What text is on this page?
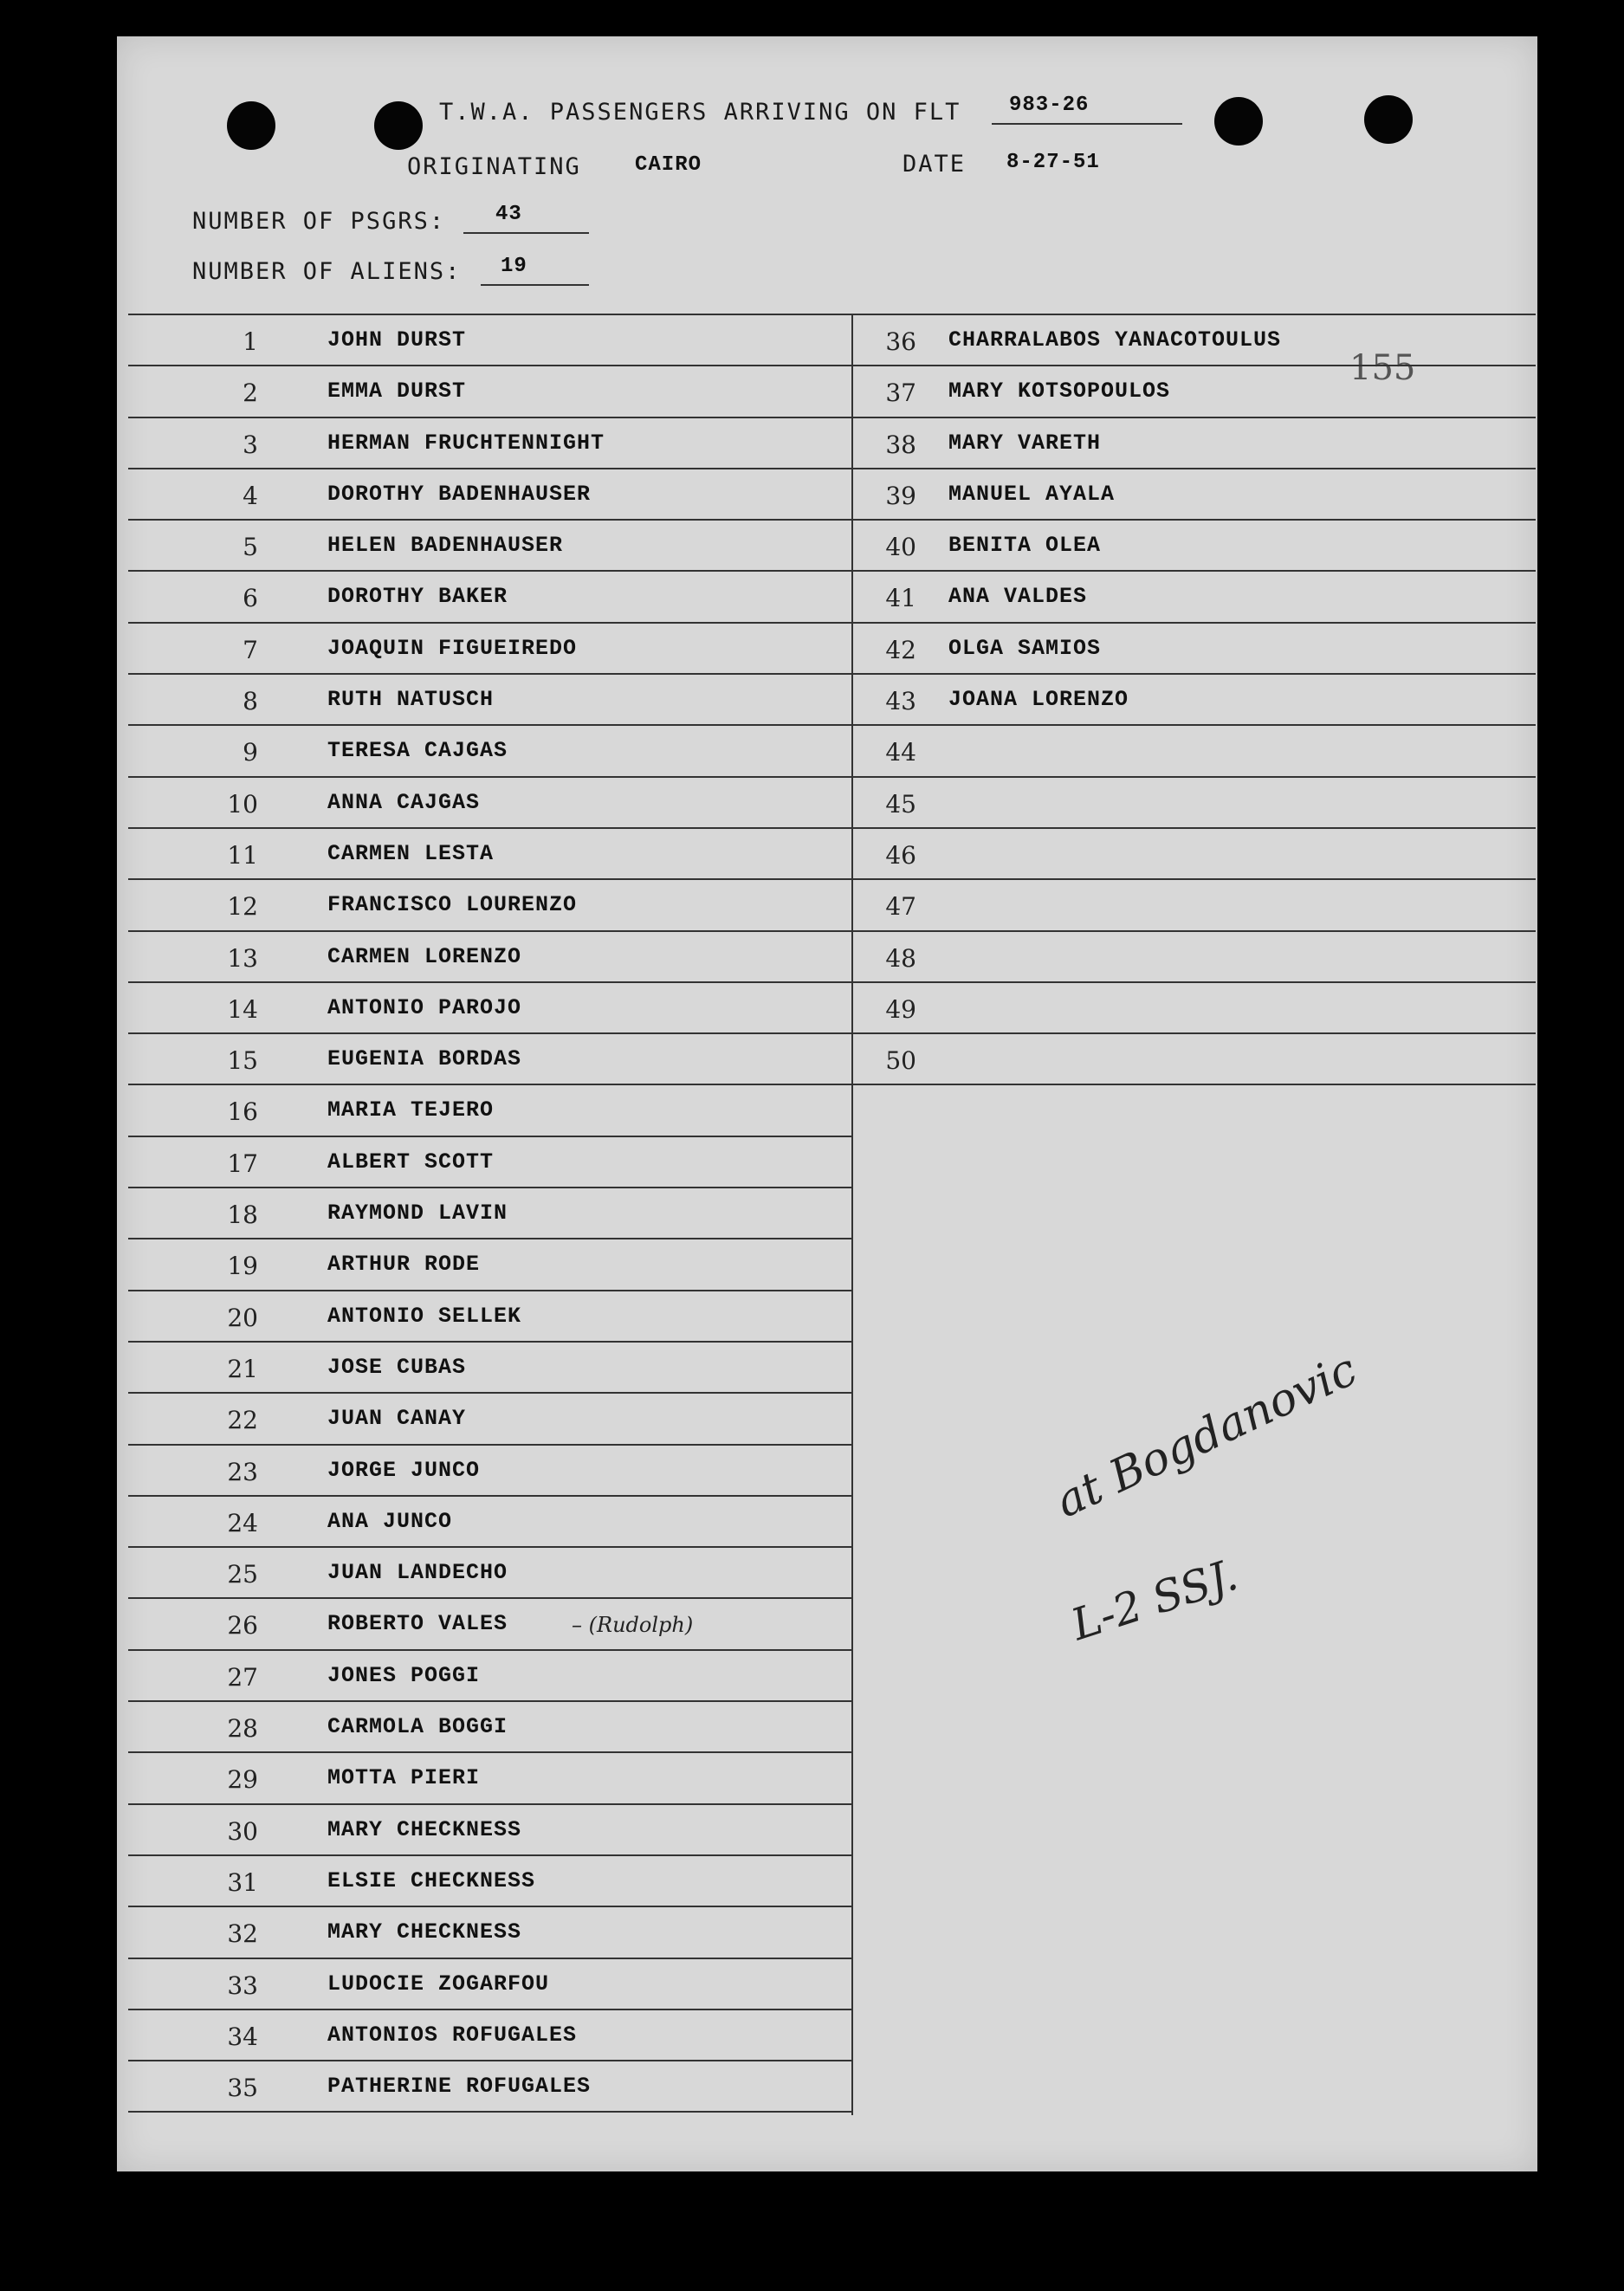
T.W.A. PASSENGERS ARRIVING ON FLT 983-26
ORIGINATING	CAIRO	DATE 8-27-51
NUMBER OF PSGRS: 43
NUMBER OF ALIENS: 19
155
1	JOHN DURST
2	EMMA DURST
3	HERMAN FRUCHTENNIGHT
4	DOROTHY BADENHAUSER
5	HELEN BADENHAUSER
6	DOROTHY BAKER
7	JOAQUIN FIGUEIREDO
8	RUTH NATUSCH
9	TERESA CAJGAS
10	ANNA CAJGAS
11	CARMEN LESTA
12	FRANCISCO LOURENZO
13	CARMEN LORENZO
14	ANTONIO PAROJO
15	EUGENIA BORDAS
16	MARIA TEJERO
17	ALBERT SCOTT
18	RAYMOND LAVIN
19	ARTHUR RODE
20	ANTONIO SELLEK
21	JOSE CUBAS
22	JUAN CANAY
23	JORGE JUNCO
24	ANA JUNCO
25	JUAN LANDECHO
26	ROBERTO VALES
27	JONES POGGI
28	CARMOLA BOGGI
29	MOTTA PIERI
30	MARY CHECKNESS
31	ELSIE CHECKNESS
32	MARY CHECKNESS
33	LUDOCIE ZOGARFOU
34	ANTONIOS ROFUGALES
35	PATHERINE ROFUGALES
36 CHARRALABOS YANACOTOULUS
37 MARY KOTSOPOULOS
38 MARY VARETH
39 MANUEL AYALA
40 BENITA OLEA
41 ANA VALDES
42 OLGA SAMIOS
43 JOANA LORENZO
44
45
46
47
48
49
50
– (Rudolph)
at Bogdanovic
L-2 SSJ.
